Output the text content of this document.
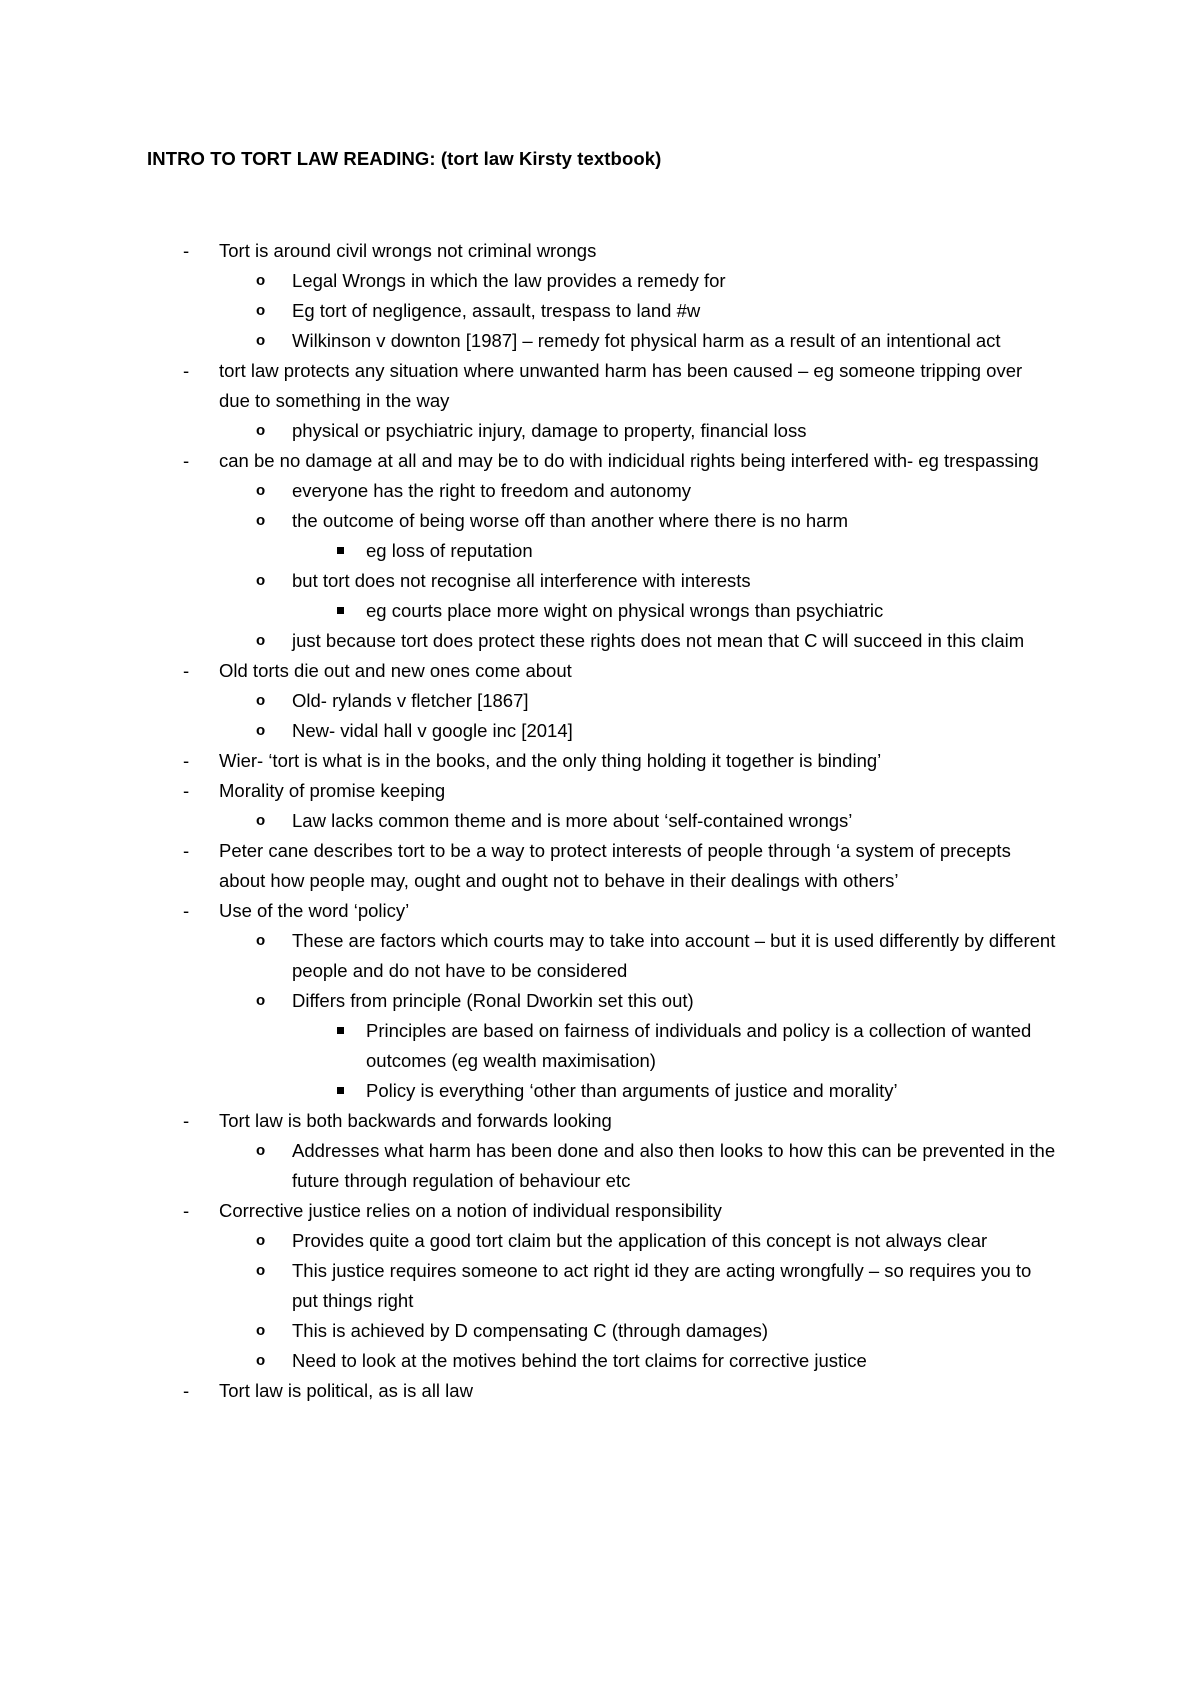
INTRO TO TORT LAW READING: (tort law Kirsty textbook)
- Tort is around civil wrongs not criminal wrongs
o Legal Wrongs in which the law provides a remedy for
o Eg tort of negligence, assault, trespass to land #w
o Wilkinson v downton [1987] – remedy fot physical harm as a result of an intentional act
- tort law protects any situation where unwanted harm has been caused – eg someone tripping over due to something in the way
o physical or psychiatric injury, damage to property, financial loss
- can be no damage at all and may be to do with indicidual rights being interfered with- eg trespassing
o everyone has the right to freedom and autonomy
o the outcome of being worse off than another where there is no harm
eg loss of reputation
o but tort does not recognise all interference with interests
eg courts place more wight on physical wrongs than psychiatric
o just because tort does protect these rights does not mean that C will succeed in this claim
- Old torts die out and new ones come about
o Old- rylands v fletcher [1867]
o New- vidal hall v google inc [2014]
- Wier- ‘tort is what is in the books, and the only thing holding it together is binding’
- Morality of promise keeping
o Law lacks common theme and is more about ‘self-contained wrongs’
- Peter cane describes tort to be a way to protect interests of people through ‘a system of precepts about how people may, ought and ought not to behave in their dealings with others’
- Use of the word ‘policy’
o These are factors which courts may to take into account – but it is used differently by different people and do not have to be considered
o Differs from principle (Ronal Dworkin set this out)
Principles are based on fairness of individuals and policy is a collection of wanted outcomes (eg wealth maximisation)
Policy is everything ‘other than arguments of justice and morality’
- Tort law is both backwards and forwards looking
o Addresses what harm has been done and also then looks to how this can be prevented in the future through regulation of behaviour etc
- Corrective justice relies on a notion of individual responsibility
o Provides quite a good tort claim but the application of this concept is not always clear
o This justice requires someone to act right id they are acting wrongfully – so requires you to put things right
o This is achieved by D compensating C (through damages)
o Need to look at the motives behind the tort claims for corrective justice
- Tort law is political, as is all law
